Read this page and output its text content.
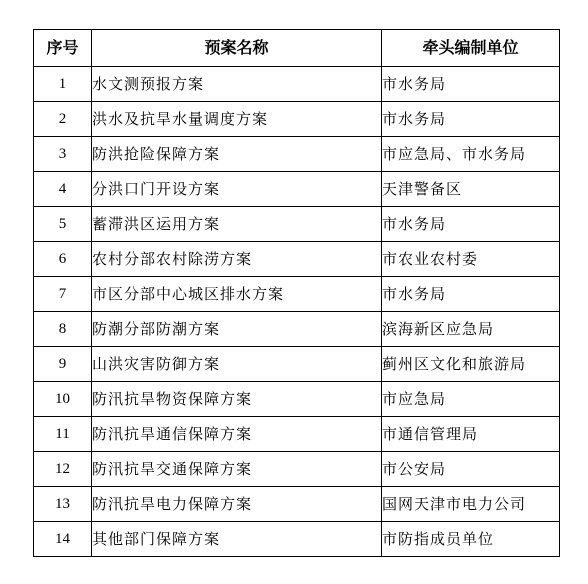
序号	预案名称	牵头编制单位
1	水文测预报方案	市水务局
2	洪水及抗旱水量调度方案	市水务局
3	防洪抢险保障方案	市应急局、市水务局
4	分洪口门开设方案	天津警备区
5	蓄滞洪区运用方案	市水务局
6	农村分部农村除涝方案	市农业农村委
7	市区分部中心城区排水方案	市水务局
8	防潮分部防潮方案	滨海新区应急局
9	山洪灾害防御方案	蓟州区文化和旅游局
10	防汛抗旱物资保障方案	市应急局
11	防汛抗旱通信保障方案	市通信管理局
12	防汛抗旱交通保障方案	市公安局
13	防汛抗旱电力保障方案	国网天津市电力公司
14	其他部门保障方案	市防指成员单位
